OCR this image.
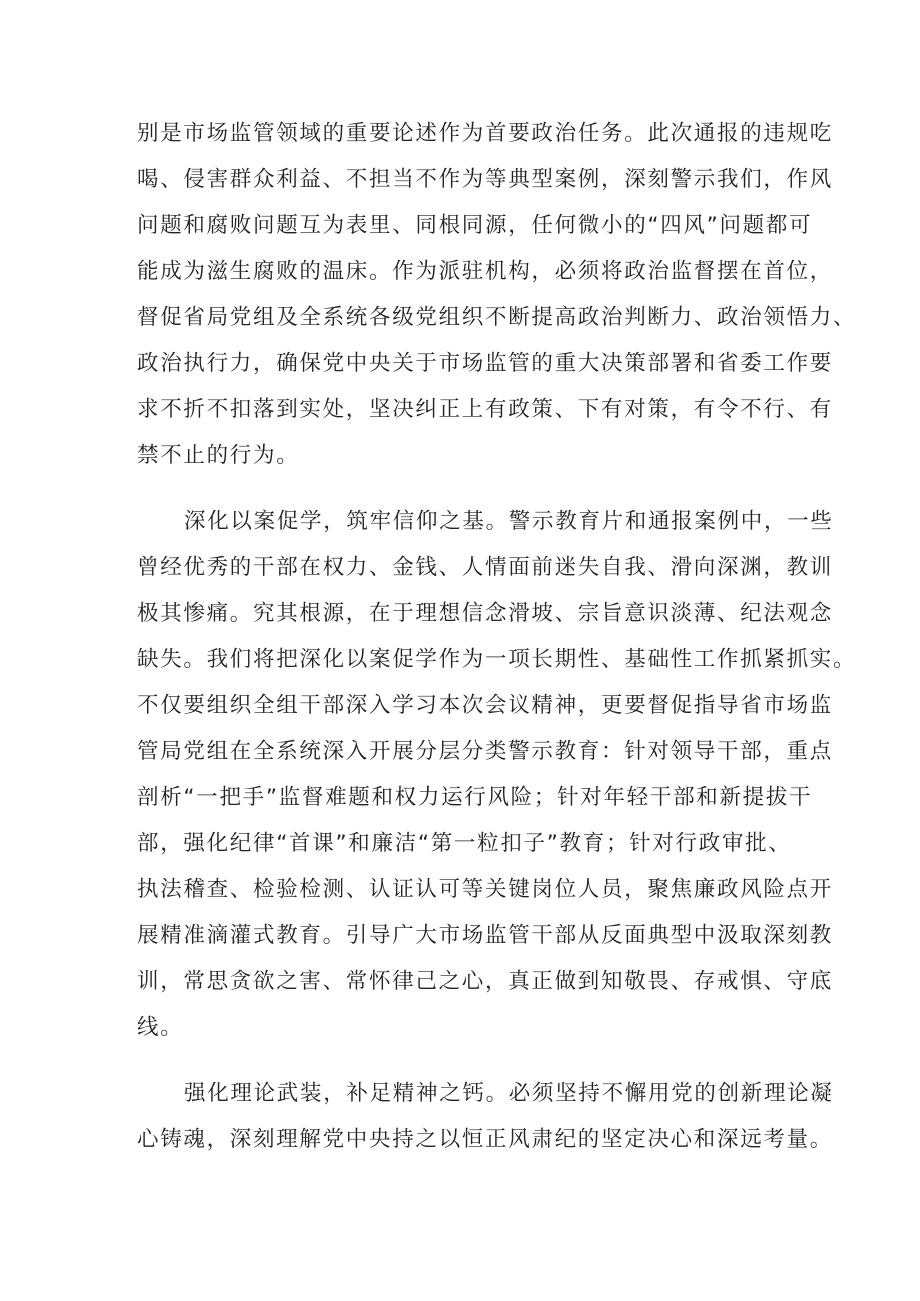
别是市场监管领域的重要论述作为首要政治任务。此次通报的违规吃
喝、侵害群众利益、不担当不作为等典型案例，深刻警示我们，作风
问题和腐败问题互为表里、同根同源，任何微小的“四风”问题都可
能成为滋生腐败的温床。作为派驻机构，必须将政治监督摆在首位，
督促省局党组及全系统各级党组织不断提高政治判断力、政治领悟力、
政治执行力，确保党中央关于市场监管的重大决策部署和省委工作要
求不折不扣落到实处，坚决纠正上有政策、下有对策，有令不行、有
禁不止的行为。
深化以案促学，筑牢信仰之基。警示教育片和通报案例中，一些
曾经优秀的干部在权力、金钱、人情面前迷失自我、滑向深渊，教训
极其惨痛。究其根源，在于理想信念滑坡、宗旨意识淡薄、纪法观念
缺失。我们将把深化以案促学作为一项长期性、基础性工作抓紧抓实。
不仅要组织全组干部深入学习本次会议精神，更要督促指导省市场监
管局党组在全系统深入开展分层分类警示教育：针对领导干部，重点
剖析“一把手”监督难题和权力运行风险；针对年轻干部和新提拔干
部，强化纪律“首课”和廉洁“第一粒扣子”教育；针对行政审批、
执法稽查、检验检测、认证认可等关键岗位人员，聚焦廉政风险点开
展精准滴灌式教育。引导广大市场监管干部从反面典型中汲取深刻教
训，常思贪欲之害、常怀律己之心，真正做到知敬畏、存戒惧、守底
线。
强化理论武装，补足精神之钙。必须坚持不懈用党的创新理论凝
心铸魂，深刻理解党中央持之以恒正风肃纪的坚定决心和深远考量。
